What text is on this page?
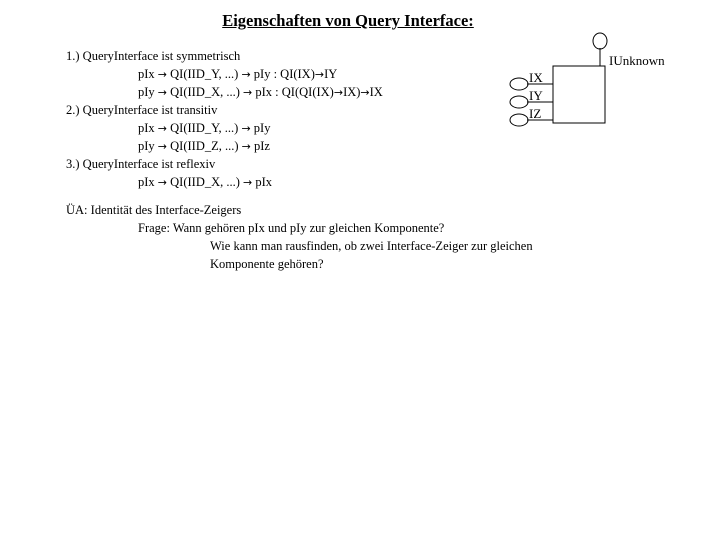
Eigenschaften von Query Interface:
1.) QueryInterface ist symmetrisch
pIx → QI(IID_Y, ...) → pIy : QI(IX)→IY
pIy → QI(IID_X, ...) → pIx : QI(QI(IX)→IX)→IX
2.) QueryInterface ist transitiv
pIx → QI(IID_Y, ...) → pIy
pIy → QI(IID_Z, ...) → pIz
3.) QueryInterface ist reflexiv
pIx → QI(IID_X, ...) → pIx
ÜA: Identität des Interface-Zeigers
Frage: Wann gehören pIx und pIy zur gleichen Komponente?
Wie kann man rausfinden, ob zwei Interface-Zeiger zur gleichen
Komponente gehören?
IUnknown
IX
IY
IZ
